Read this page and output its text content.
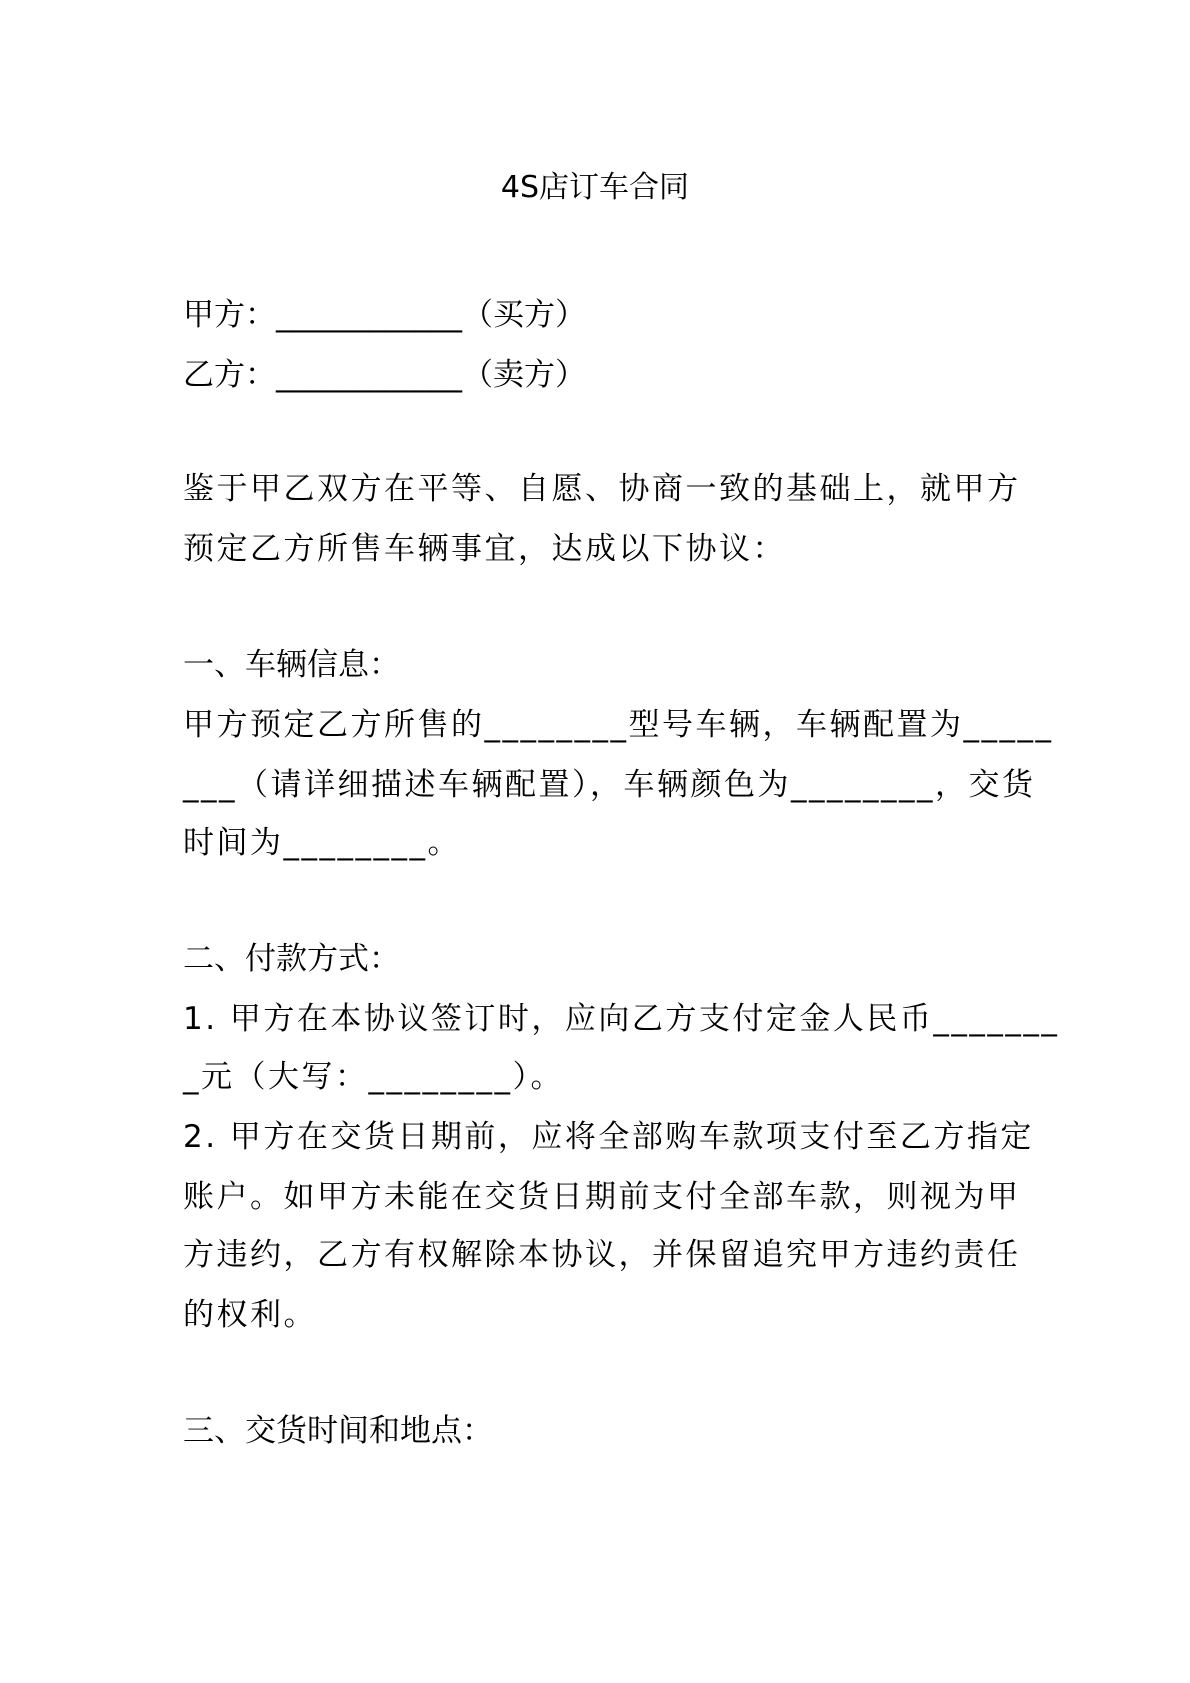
4S店订车合同
甲方：____________（买方）
乙方：____________（卖方）
鉴于甲乙双方在平等、自愿、协商一致的基础上，就甲方
预定乙方所售车辆事宜，达成以下协议：
一、车辆信息：
甲方预定乙方所售的________型号车辆，车辆配置为_____
___（请详细描述车辆配置），车辆颜色为________，交货
时间为________。
二、付款方式：
1. 甲方在本协议签订时，应向乙方支付定金人民币_______
_元（大写：________）。
2. 甲方在交货日期前，应将全部购车款项支付至乙方指定
账户。如甲方未能在交货日期前支付全部车款，则视为甲
方违约，乙方有权解除本协议，并保留追究甲方违约责任
的权利。
三、交货时间和地点：
